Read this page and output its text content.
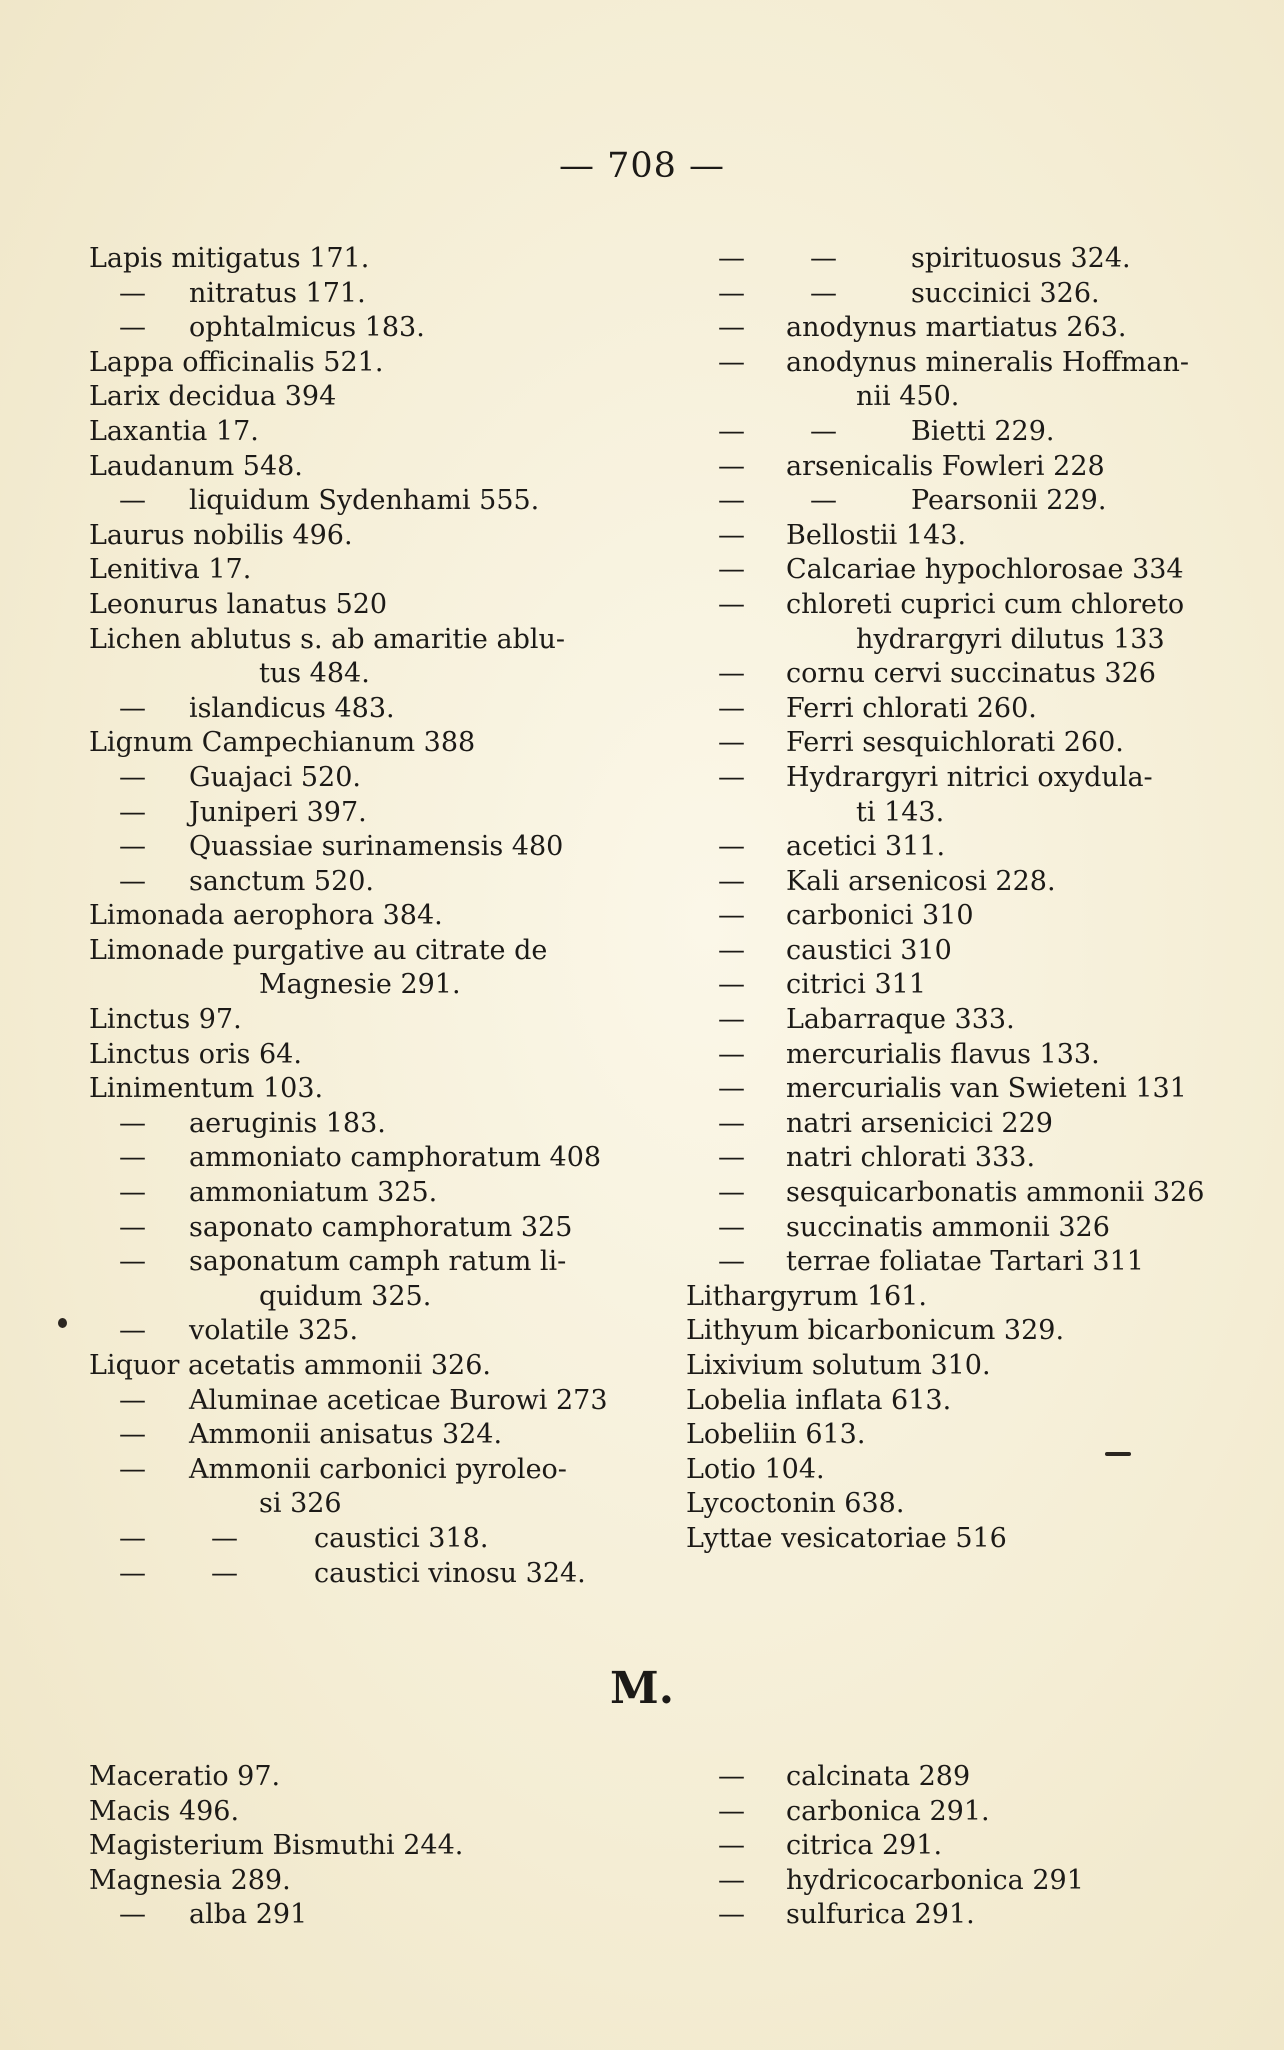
— 708 —
Lapis mitigatus 171.
— nitratus 171.
— ophtalmicus 183.
Lappa officinalis 521.
Larix decidua 394
Laxantia 17.
Laudanum 548.
— liquidum Sydenhami 555.
Laurus nobilis 496.
Lenitiva 17.
Leonurus lanatus 520
Lichen ablutus s. ab amaritie ablu-
tus 484.
— islandicus 483.
Lignum Campechianum 388
— Guajaci 520.
— Juniperi 397.
— Quassiae surinamensis 480
— sanctum 520.
Limonada aerophora 384.
Limonade purgative au citrate de
Magnesie 291.
Linctus 97.
Linctus oris 64.
Linimentum 103.
— aeruginis 183.
— ammoniato camphoratum 408
— ammoniatum 325.
— saponato camphoratum 325
— saponatum camph ratum li-
quidum 325.
— volatile 325.
Liquor acetatis ammonii 326.
— Aluminae aceticae Burowi 273
— Ammonii anisatus 324.
— Ammonii carbonici pyroleo-
si 326
— —	caustici 318.
— —	caustici vinosu 324.
— —	spirituosus 324.
— —	succinici 326.
— anodynus martiatus 263.
— anodynus mineralis Hoffman-
nii 450.
— —	Bietti 229.
— arsenicalis Fowleri 228
— —	Pearsonii 229.
— Bellostii 143.
— Calcariae hypochlorosae 334
— chloreti cuprici cum chloreto
hydrargyri dilutus 133
— cornu cervi succinatus 326
— Ferri chlorati 260.
— Ferri sesquichlorati 260.
— Hydrargyri nitrici oxydula-
ti 143.
— acetici 311.
— Kali arsenicosi 228.
— carbonici 310
— caustici 310
— citrici 311
— Labarraque 333.
— mercurialis flavus 133.
— mercurialis van Swieteni 131
— natri arsenicici 229
— natri chlorati 333.
— sesquicarbonatis ammonii 326
— succinatis ammonii 326
— terrae foliatae Tartari 311
Lithargyrum 161.
Lithyum bicarbonicum 329.
Lixivium solutum 310.
Lobelia inflata 613.
Lobeliin 613.
Lotio 104.
Lycoctonin 638.
Lyttae vesicatoriae 516
M.
Maceratio 97.
Macis 496.
Magisterium Bismuthi 244.
Magnesia 289.
— alba 291
— calcinata 289
— carbonica 291.
— citrica 291.
— hydricocarbonica 291
— sulfurica 291.
